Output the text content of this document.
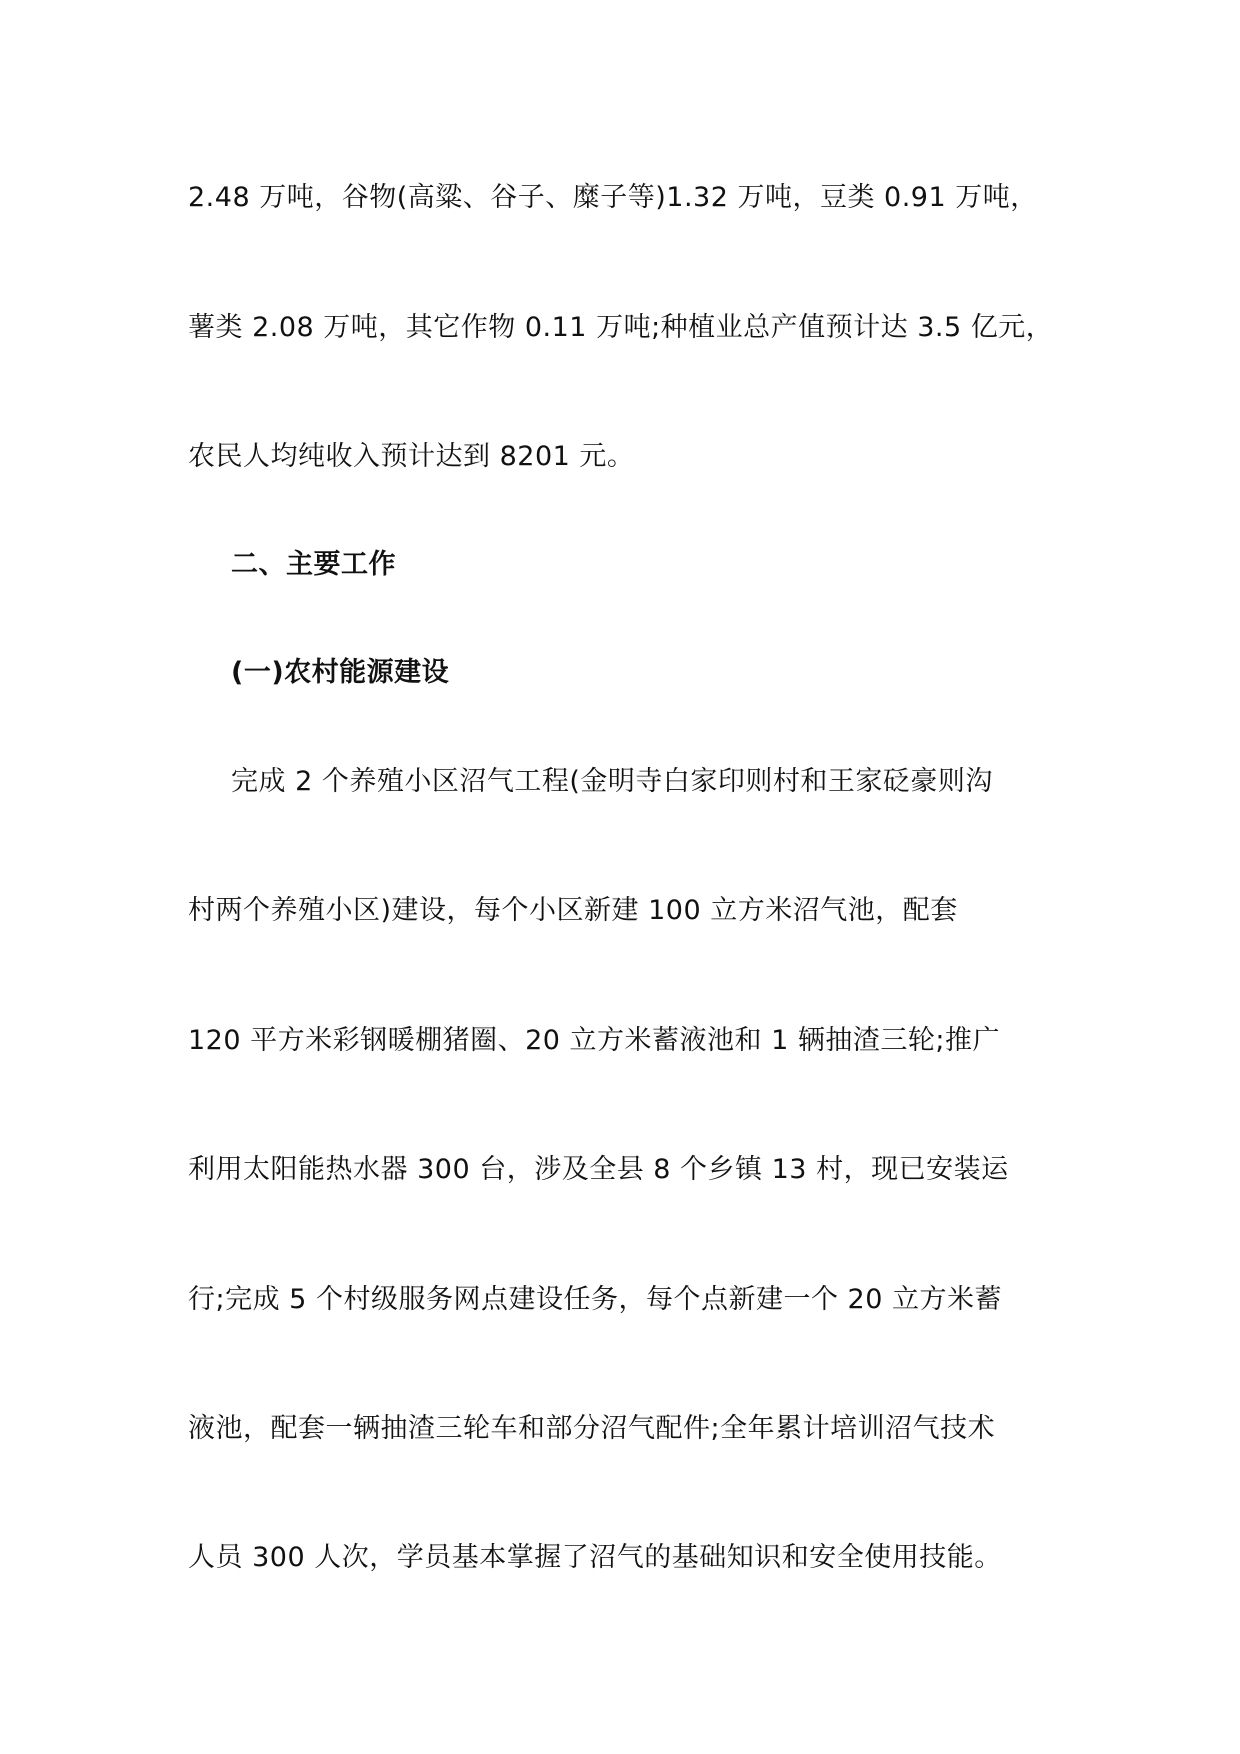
2.48 万吨，谷物(高粱、谷子、糜子等)1.32 万吨，豆类 0.91 万吨，
薯类 2.08 万吨，其它作物 0.11 万吨;种植业总产值预计达 3.5 亿元，
农民人均纯收入预计达到 8201 元。
二、主要工作
(一)农村能源建设
完成 2 个养殖小区沼气工程(金明寺白家印则村和王家砭豪则沟
村两个养殖小区)建设，每个小区新建 100 立方米沼气池，配套
120 平方米彩钢暖棚猪圈、20 立方米蓄液池和 1 辆抽渣三轮;推广
利用太阳能热水器 300 台，涉及全县 8 个乡镇 13 村，现已安装运
行;完成 5 个村级服务网点建设任务，每个点新建一个 20 立方米蓄
液池，配套一辆抽渣三轮车和部分沼气配件;全年累计培训沼气技术
人员 300 人次，学员基本掌握了沼气的基础知识和安全使用技能。
